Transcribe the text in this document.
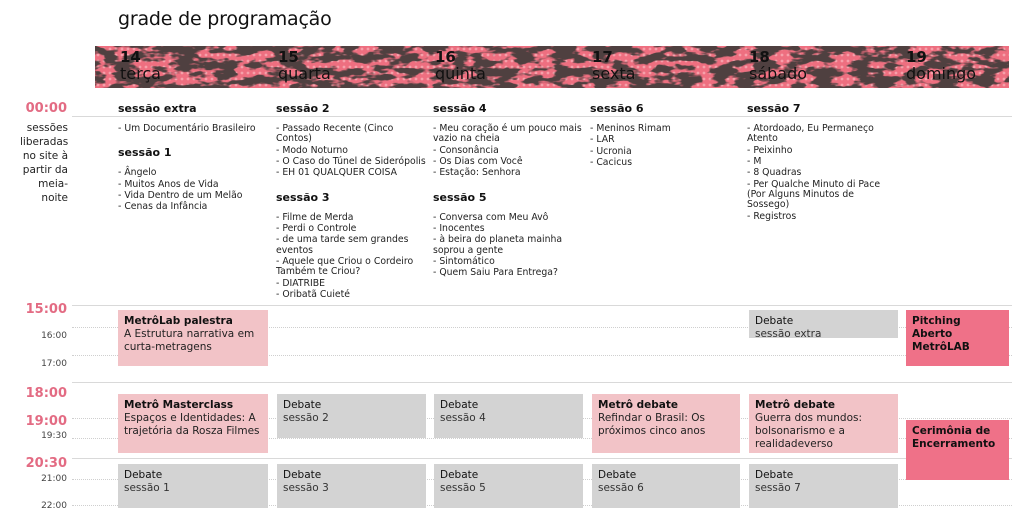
grade de programação
14
terça
15
quarta
16
quinta
17
sexta
18
sábado
19
domingo
00:00
sessões liberadas no site à partir da meia-noite
15:00
16:00
17:00
18:00
19:00
19:30
20:30
21:00
22:00
sessão extra
- Um Documentário Brasileiro
sessão 1
- Ângelo
- Muitos Anos de Vida
- Vida Dentro de um Melão
- Cenas da Infância
sessão 2
- Passado Recente (Cinco Contos)
- Modo Noturno
- O Caso do Túnel de Siderópolis
- EH 01 QUALQUER COISA
sessão 3
- Filme de Merda
- Perdi o Controle
- de uma tarde sem grandes eventos
- Aquele que Criou o Cordeiro Também te Criou?
- DIATRIBE
- Oribatã Cuieté
sessão 4
- Meu coração é um pouco mais vazio na cheia
- Consonância
- Os Dias com Você
- Estação: Senhora
sessão 5
- Conversa com Meu Avô
- Inocentes
- à beira do planeta mainha soprou a gente
- Sintomático
- Quem Saiu Para Entrega?
sessão 6
- Meninos Rimam
- LAR
- Ucronia
- Cacicus
sessão 7
- Atordoado, Eu Permaneço Atento
- Peixinho
- M
- 8 Quadras
- Per Qualche Minuto di Pace (Por Alguns Minutos de Sossego)
- Registros
MetrôLab palestra
A Estrutura narrativa em curta-metragens
Debate
sessão extra
Pitching Aberto MetrôLAB
Metrô Masterclass
Espaços e Identidades: A trajetória da Rosza Filmes
Debate
sessão 2
Debate
sessão 4
Metrô debate
Refindar o Brasil: Os próximos cinco anos
Metrô debate
Guerra dos mundos: bolsonarismo e a realidadeverso
Cerimônia de Encerramento
Debate
sessão 1
Debate
sessão 3
Debate
sessão 5
Debate
sessão 6
Debate
sessão 7
